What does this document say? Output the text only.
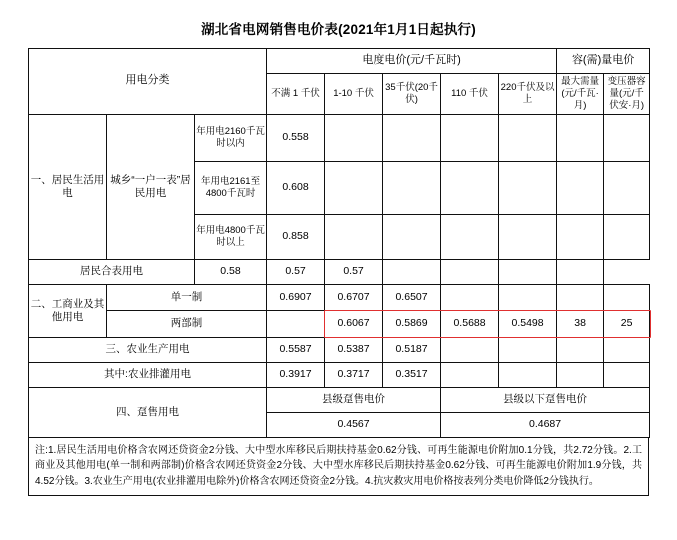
湖北省电网销售电价表(2021年1月1日起执行)
用电分类			电度电价(元/千瓦时)					容(需)量电价	
			不满 1 千伏	1-10 千伏	35千伏(20千伏)	110 千伏	220千伏及以上	最大需量(元/千瓦·月)	变压器容量(元/千伏安·月)

一、居民生活用电	城乡“一户一表”居民用电	年用电2160千瓦时以内	0.558						
		年用电2161至4800千瓦时	0.608						
		年用电4800千瓦时以上	0.858						
居民合表用电		0.58	0.57	0.57					
二、工商业及其他用电	单一制		0.6907	0.6707	0.6507				
	两部制			0.6067	0.5869	0.5688	0.5498	38	25
三、农业生产用电			0.5587	0.5387	0.5187				
其中:农业排灌用电			0.3917	0.3717	0.3517				
四、趸售用电			县级趸售电价			县级以下趸售电价			
			0.4567			0.4687			

注:1.居民生活用电价格含农网还贷资金2分钱、大中型水库移民后期扶持基金0.62分钱、可再生能源电价附加0.1分钱，共2.72分钱。2.工商业及其他用电(单一制和两部制)价格含农网还贷资金2分钱、大中型水库移民后期扶持基金0.62分钱、可再生能源电价附加1.9分钱，共4.52分钱。3.农业生产用电(农业排灌用电除外)价格含农网还贷资金2分钱。4.抗灾救灾用电价格按表列分类电价降低2分钱执行。
